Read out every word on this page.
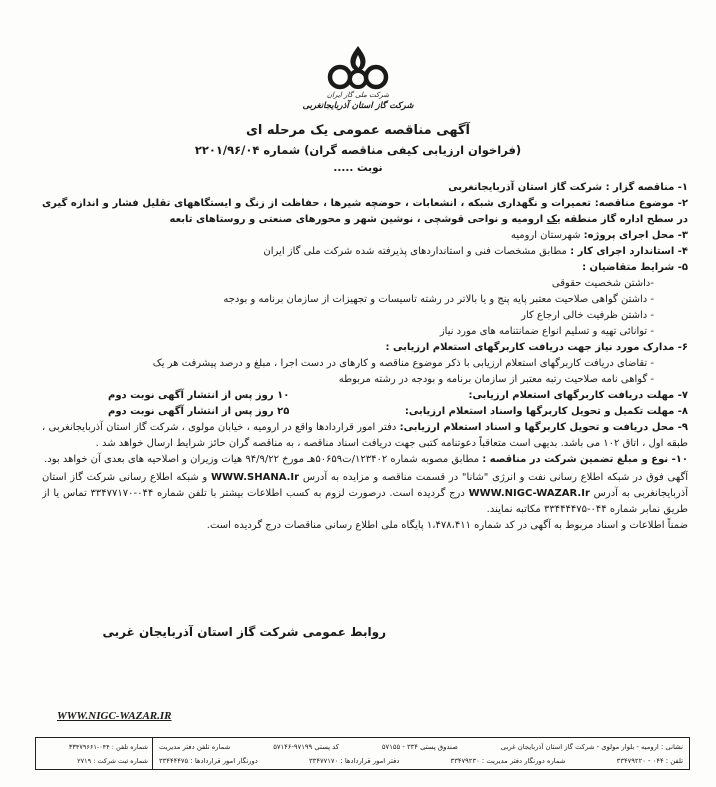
شرکت ملی گاز ایران
شرکت گاز استان آذربایجانغربی
آگهی مناقصه عمومی یک مرحله ای
(فراخوان ارزیابی کیفی مناقصه گران) شماره ۲۲۰۱/۹۶/۰۴
نوبت .....

۱- مناقصه گزار : شرکت گاز استان آذربایجانغربی

۲- موضوع مناقصه: تعمیرات و نگهداری شبکه ، انشعابات ، حوضچه شیرها ، حفاظت از زنگ و ایستگاههای تقلیل فشار و اندازه گیری در سطح اداره گاز منطقه یک ارومیه و نواحی قوشچی ، نوشین شهر و محورهای صنعتی و روستاهای تابعه

۳- محل اجرای پروژه: شهرستان ارومیه

۴- استاندارد اجرای کار : مطابق مشخصات فنی و استانداردهای پذیرفته شده شرکت ملی گاز ایران

۵- شرایط متقاضیان :
-داشتن شخصیت حقوقی
- داشتن گواهی صلاحیت معتبر پایه پنج و یا بالاتر در رشته تاسیسات و تجهیزات از سازمان برنامه و بودجه
- داشتن ظرفیت خالی ارجاع کار
- توانائی تهیه و تسلیم انواع ضمانتنامه های مورد نیاز
۶- مدارک مورد نیاز جهت دریافت کاربرگهای استعلام ارزیابی :
- تقاضای دریافت کاربرگهای استعلام ارزیابی با ذکر موضوع مناقصه و کارهای در دست اجرا ، مبلغ و درصد پیشرفت هر یک
- گواهی نامه صلاحیت رتبه معتبر از سازمان برنامه و بودجه در رشته مربوطه
۷- مهلت دریافت کاربرگهای استعلام ارزیابی:
۱۰ روز پس از انتشار آگهی نوبت دوم
۸- مهلت تکمیل و تحویل کاربرگها واسناد استعلام ارزیابی:
۲۵ روز پس از انتشار آگهی نوبت دوم

۹- محل دریافت و تحویل کاربرگها و اسناد استعلام ارزیابی: دفتر امور قراردادها واقع در ارومیه ، خیابان مولوی ، شرکت گاز استان آذربایجانغربی ، طبقه اول ، اتاق ۱۰۲ می باشد. بدیهی است متعاقباً دعوتنامه کتبی جهت دریافت اسناد مناقصه ، به مناقصه گران حائز شرایط ارسال خواهد شد .

۱۰- نوع و مبلغ تضمین شرکت در مناقصه : مطابق مصوبه شماره ۱۲۳۴۰۲/ت۵۰۶۵۹هـ مورخ ۹۴/۹/۲۲ هیات وزیران و اصلاحیه های بعدی آن خواهد بود.

آگهی فوق در شبکه اطلاع رسانی نفت و انرژی "شانا" در قسمت مناقصه و مزایده به آدرس WWW.SHANA.Ir و شبکه اطلاع رسانی شرکت گاز استان آذربایجانغربی به آدرس WWW.NIGC-WAZAR.Ir درج گردیده است. درصورت لزوم به کسب اطلاعات بیشتر با تلفن شماره ۰۴۴-۳۳۴۷۷۱۷۰ تماس یا از طریق نمابر شماره ۰۴۴-۳۳۴۴۴۴۷۵ مکاتبه نمایند.

ضمناً اطلاعات و اسناد مربوط به آگهی در کد شماره ۱،۴۷۸،۴۱۱ پایگاه ملی اطلاع رسانی مناقصات درج گردیده است.

روابط عمومی شرکت گاز استان آذربایجان غربی
WWW.NIGC-WAZAR.IR
نشانی : ارومیه - بلوار مولوی - شرکت گاز استان آذربایجان غربی
صندوق پستی ۳۳۴ - ۵۷۱۵۵
کد پستی ۹۷۱۹۹-۵۷۱۴۶
شماره تلفن دفتر مدیریت
تلفن : ۰۴۴ - ۳۳۴۷۹۲۲۰
شماره دورنگار دفتر مدیریت : ۳۳۴۷۹۲۳۰
دفتر امور قراردادها : ۳۳۴۷۷۱۷۰
دورنگار امور قراردادها : ۳۳۴۴۴۴۷۵
شماره تلفن : ۰۴۴-۳۳۴۷۹۶۶۱
شماره ثبت شرکت : ۲۷۱۹
